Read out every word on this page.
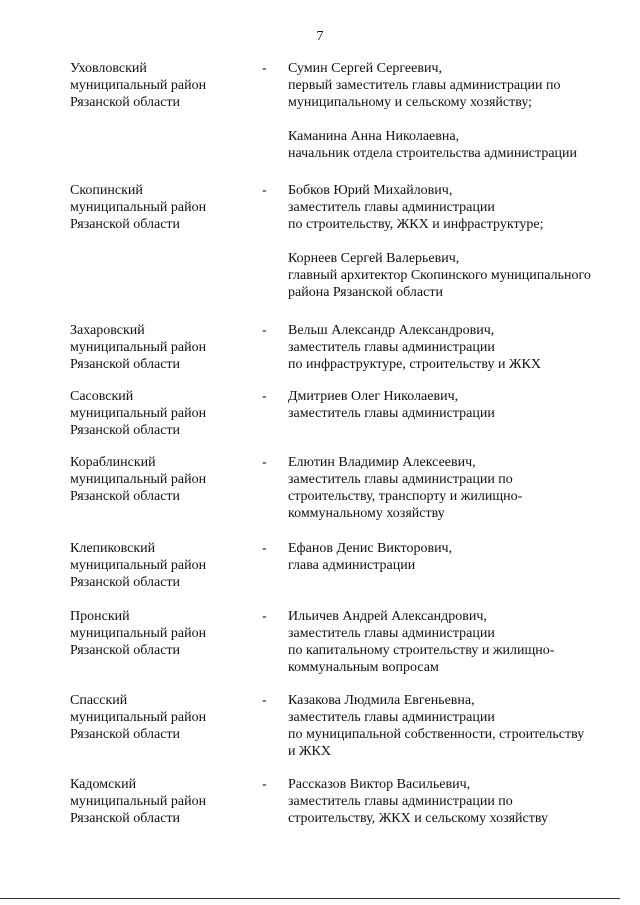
7
Уховловский
муниципальный район
Рязанской области
-	Сумин Сергей Сергеевич,
первый заместитель главы администрации по
муниципальному и сельскому хозяйству;
Каманина Анна Николаевна,
начальник отдела строительства администрации
Скопинский
муниципальный район
Рязанской области
-	Бобков Юрий Михайлович,
заместитель главы администрации
по строительству, ЖКХ и инфраструктуре;
Корнеев Сергей Валерьевич,
главный архитектор Скопинского муниципального
района Рязанской области
Захаровский
муниципальный район
Рязанской области
-	Вельш Александр Александрович,
заместитель главы администрации
по инфраструктуре, строительству и ЖКХ
Сасовский
муниципальный район
Рязанской области
-	Дмитриев Олег Николаевич,
заместитель главы администрации
Кораблинский
муниципальный район
Рязанской области
-	Елютин Владимир Алексеевич,
заместитель главы администрации по
строительству, транспорту и жилищно-
коммунальному хозяйству
Клепиковский
муниципальный район
Рязанской области
-	Ефанов Денис Викторович,
глава администрации
Пронский
муниципальный район
Рязанской области
-	Ильичев Андрей Александрович,
заместитель главы администрации
по капитальному строительству и жилищно-
коммунальным вопросам
Спасский
муниципальный район
Рязанской области
-	Казакова Людмила Евгеньевна,
заместитель главы администрации
по муниципальной собственности, строительству
и ЖКХ
Кадомский
муниципальный район
Рязанской области
-	Рассказов Виктор Васильевич,
заместитель главы администрации по
строительству, ЖКХ и сельскому хозяйству
